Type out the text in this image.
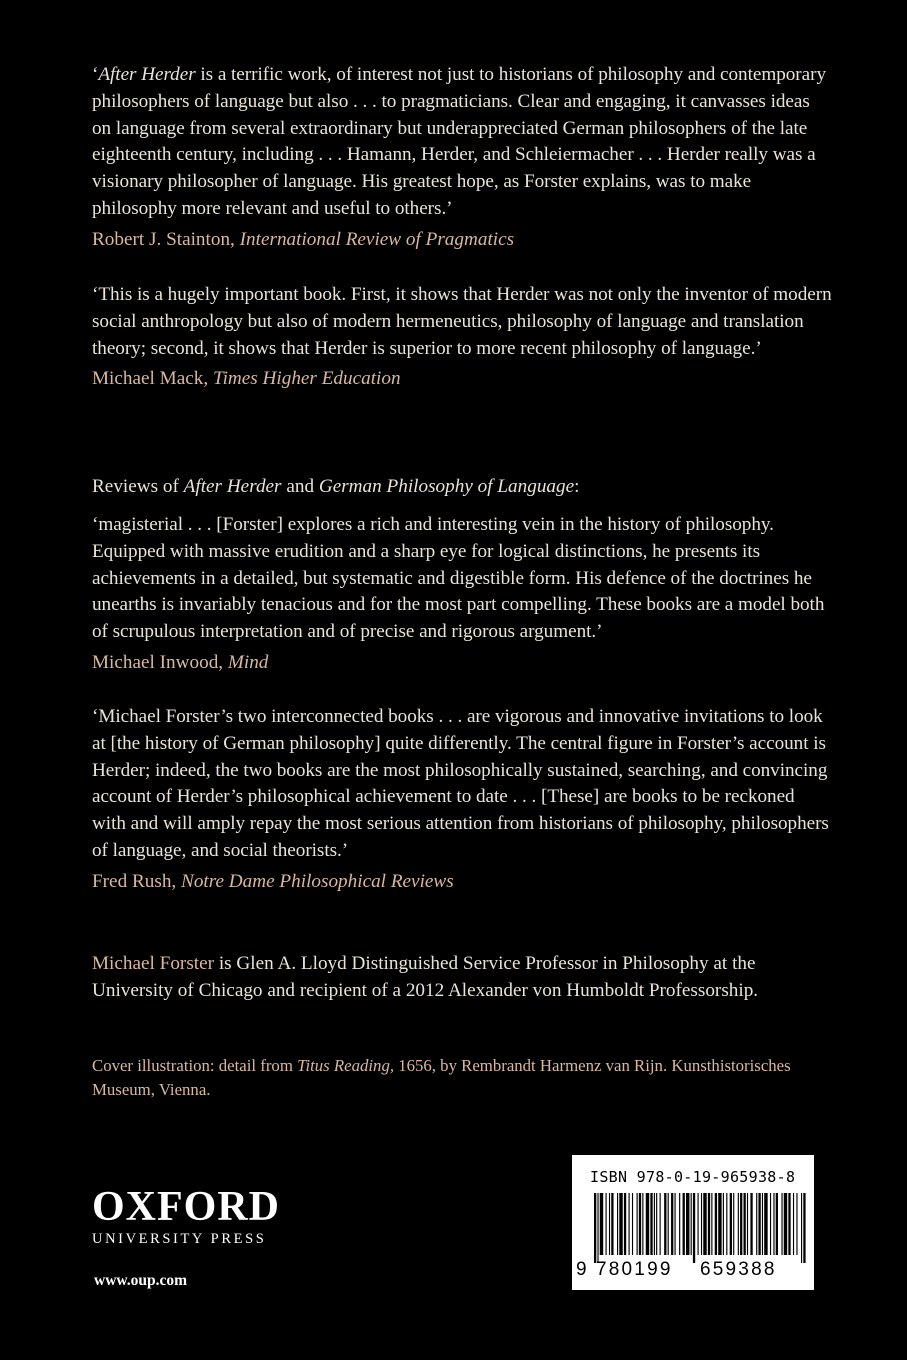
‘After Herder is a terrific work, of interest not just to historians of philosophy and contemporary philosophers of language but also . . . to pragmaticians. Clear and engaging, it canvasses ideas on language from several extraordinary but underappreciated German philosophers of the late eighteenth century, including . . . Hamann, Herder, and Schleiermacher . . . Herder really was a visionary philosopher of language. His greatest hope, as Forster explains, was to make philosophy more relevant and useful to others.’

Robert J. Stainton, International Review of Pragmatics

‘This is a hugely important book. First, it shows that Herder was not only the inventor of modern social anthropology but also of modern hermeneutics, philosophy of language and translation theory; second, it shows that Herder is superior to more recent philosophy of language.’

Michael Mack, Times Higher Education

Reviews of After Herder and German Philosophy of Language:

‘magisterial . . . [Forster] explores a rich and interesting vein in the history of philosophy. Equipped with massive erudition and a sharp eye for logical distinctions, he presents its achievements in a detailed, but systematic and digestible form. His defence of the doctrines he unearths is invariably tenacious and for the most part compelling. These books are a model both of scrupulous interpretation and of precise and rigorous argument.’

Michael Inwood, Mind

‘Michael Forster’s two interconnected books . . . are vigorous and innovative invitations to look at [the history of German philosophy] quite differently. The central figure in Forster’s account is Herder; indeed, the two books are the most philosophically sustained, searching, and convincing account of Herder’s philosophical achievement to date . . . [These] are books to be reckoned with and will amply repay the most serious attention from historians of philosophy, philosophers of language, and social theorists.’

Fred Rush, Notre Dame Philosophical Reviews

Michael Forster is Glen A. Lloyd Distinguished Service Professor in Philosophy at the University of Chicago and recipient of a 2012 Alexander von Humboldt Professorship.

Cover illustration: detail from Titus Reading, 1656, by Rembrandt Harmenz van Rijn. Kunsthistorisches Museum, Vienna.

OXFORD
UNIVERSITY PRESS
www.oup.com
ISBN 978-0-19-965938-8
9 780199 659388
